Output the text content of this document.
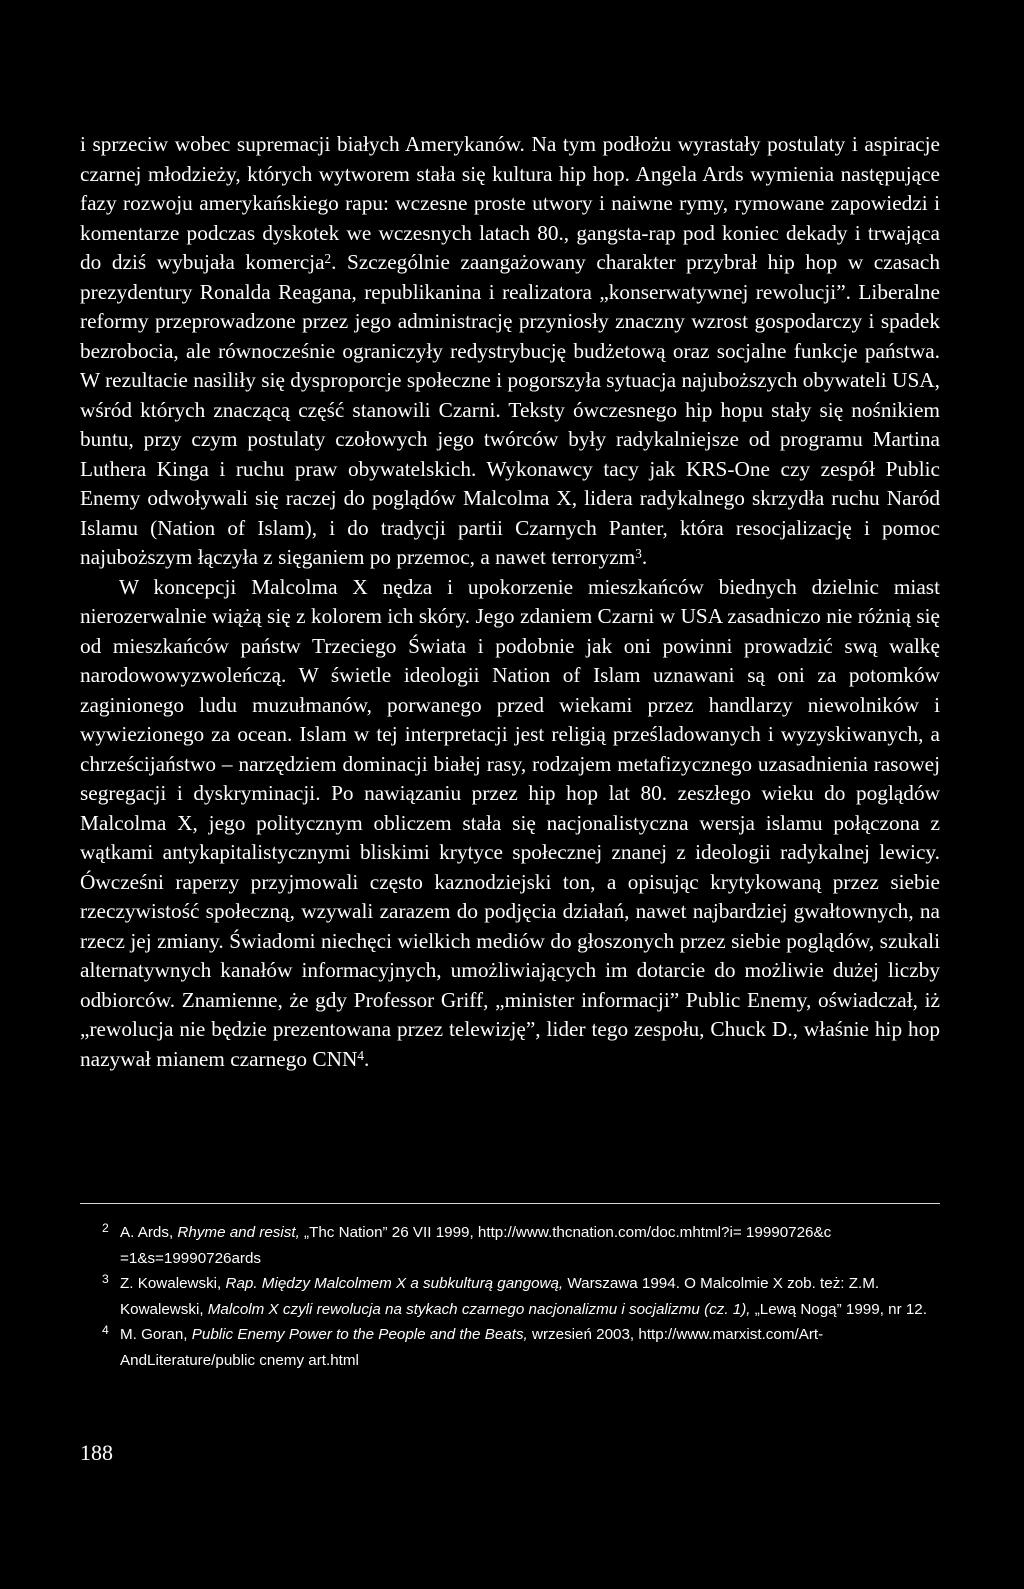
i sprzeciw wobec supremacji białych Amerykanów. Na tym podłożu wyrastały postulaty i aspiracje czarnej młodzieży, których wytworem stała się kultura hip hop. Angela Ards wymienia następujące fazy rozwoju amerykańskiego rapu: wczesne proste utwory i naiwne rymy, rymowane zapowiedzi i komentarze podczas dyskotek we wczesnych latach 80., gangsta-rap pod koniec dekady i trwająca do dziś wybujała komercja$^2$. Szczególnie zaangażowany charakter przybrał hip hop w czasach prezydentury Ronalda Reagana, republikanina i realizatora „konserwatywnej rewolucji”. Liberalne reformy przeprowadzone przez jego administrację przyniosły znaczny wzrost gospodarczy i spadek bezrobocia, ale równocześnie ograniczyły redystrybucję budżetową oraz socjalne funkcje państwa. W rezultacie nasiliły się dysproporcje społeczne i pogorszyła sytuacja najuboższych obywateli USA, wśród których znaczącą część stanowili Czarni. Teksty ówczesnego hip hopu stały się nośnikiem buntu, przy czym postulaty czołowych jego twórców były radykalniejsze od programu Martina Luthera Kinga i ruchu praw obywatelskich. Wykonawcy tacy jak KRS-One czy zespół Public Enemy odwoływali się raczej do poglądów Malcolma X, lidera radykalnego skrzydła ruchu Naród Islamu (Nation of Islam), i do tradycji partii Czarnych Panter, która resocjalizację i pomoc najuboższym łączyła z sięganiem po przemoc, a nawet terroryzm$^3$.

W koncepcji Malcolma X nędza i upokorzenie mieszkańców biednych dzielnic miast nierozerwalnie wiążą się z kolorem ich skóry. Jego zdaniem Czarni w USA zasadniczo nie różnią się od mieszkańców państw Trzeciego Świata i podobnie jak oni powinni prowadzić swą walkę narodowowyzwoleńczą. W świetle ideologii Nation of Islam uznawani są oni za potomków zaginionego ludu muzułmanów, porwanego przed wiekami przez handlarzy niewolników i wywiezionego za ocean. Islam w tej interpretacji jest religią prześladowanych i wyzyskiwanych, a chrześcijaństwo – narzędziem dominacji białej rasy, rodzajem metafizycznego uzasadnienia rasowej segregacji i dyskryminacji. Po nawiązaniu przez hip hop lat 80. zeszłego wieku do poglądów Malcolma X, jego politycznym obliczem stała się nacjonalistyczna wersja islamu połączona z wątkami antykapitalistycznymi bliskimi krytyce społecznej znanej z ideologii radykalnej lewicy. Ówcześni raperzy przyjmowali często kaznodziejski ton, a opisując krytykowaną przez siebie rzeczywistość społeczną, wzywali zarazem do podjęcia działań, nawet najbardziej gwałtownych, na rzecz jej zmiany. Świadomi niechęci wielkich mediów do głoszonych przez siebie poglądów, szukali alternatywnych kanałów informacyjnych, umożliwiających im dotarcie do możliwie dużej liczby odbiorców. Znamienne, że gdy Professor Griff, „minister informacji” Public Enemy, oświadczał, iż „rewolucja nie będzie prezentowana przez telewizję”, lider tego zespołu, Chuck D., właśnie hip hop nazywał mianem czarnego CNN$^4$.

$^2$ A. Ards, Rhyme and resist, „Thc Nation” 26 VII 1999, http://www.thcnation.com/doc.mhtml?i= 19990726&c =1&s=19990726ards

$^3$ Z. Kowalewski, Rap. Między Malcolmem X a subkulturą gangową, Warszawa 1994. O Malcolmie X zob. też: Z.M. Kowalewski, Malcolm X czyli rewolucja na stykach czarnego nacjonalizmu i socjalizmu (cz. 1), „Lewą Nogą” 1999, nr 12.

$^4$ M. Goran, Public Enemy Power to the People and the Beats, wrzesień 2003, http://www.marxist.com/ArtAndLiterature/public cnemy art.html

188
